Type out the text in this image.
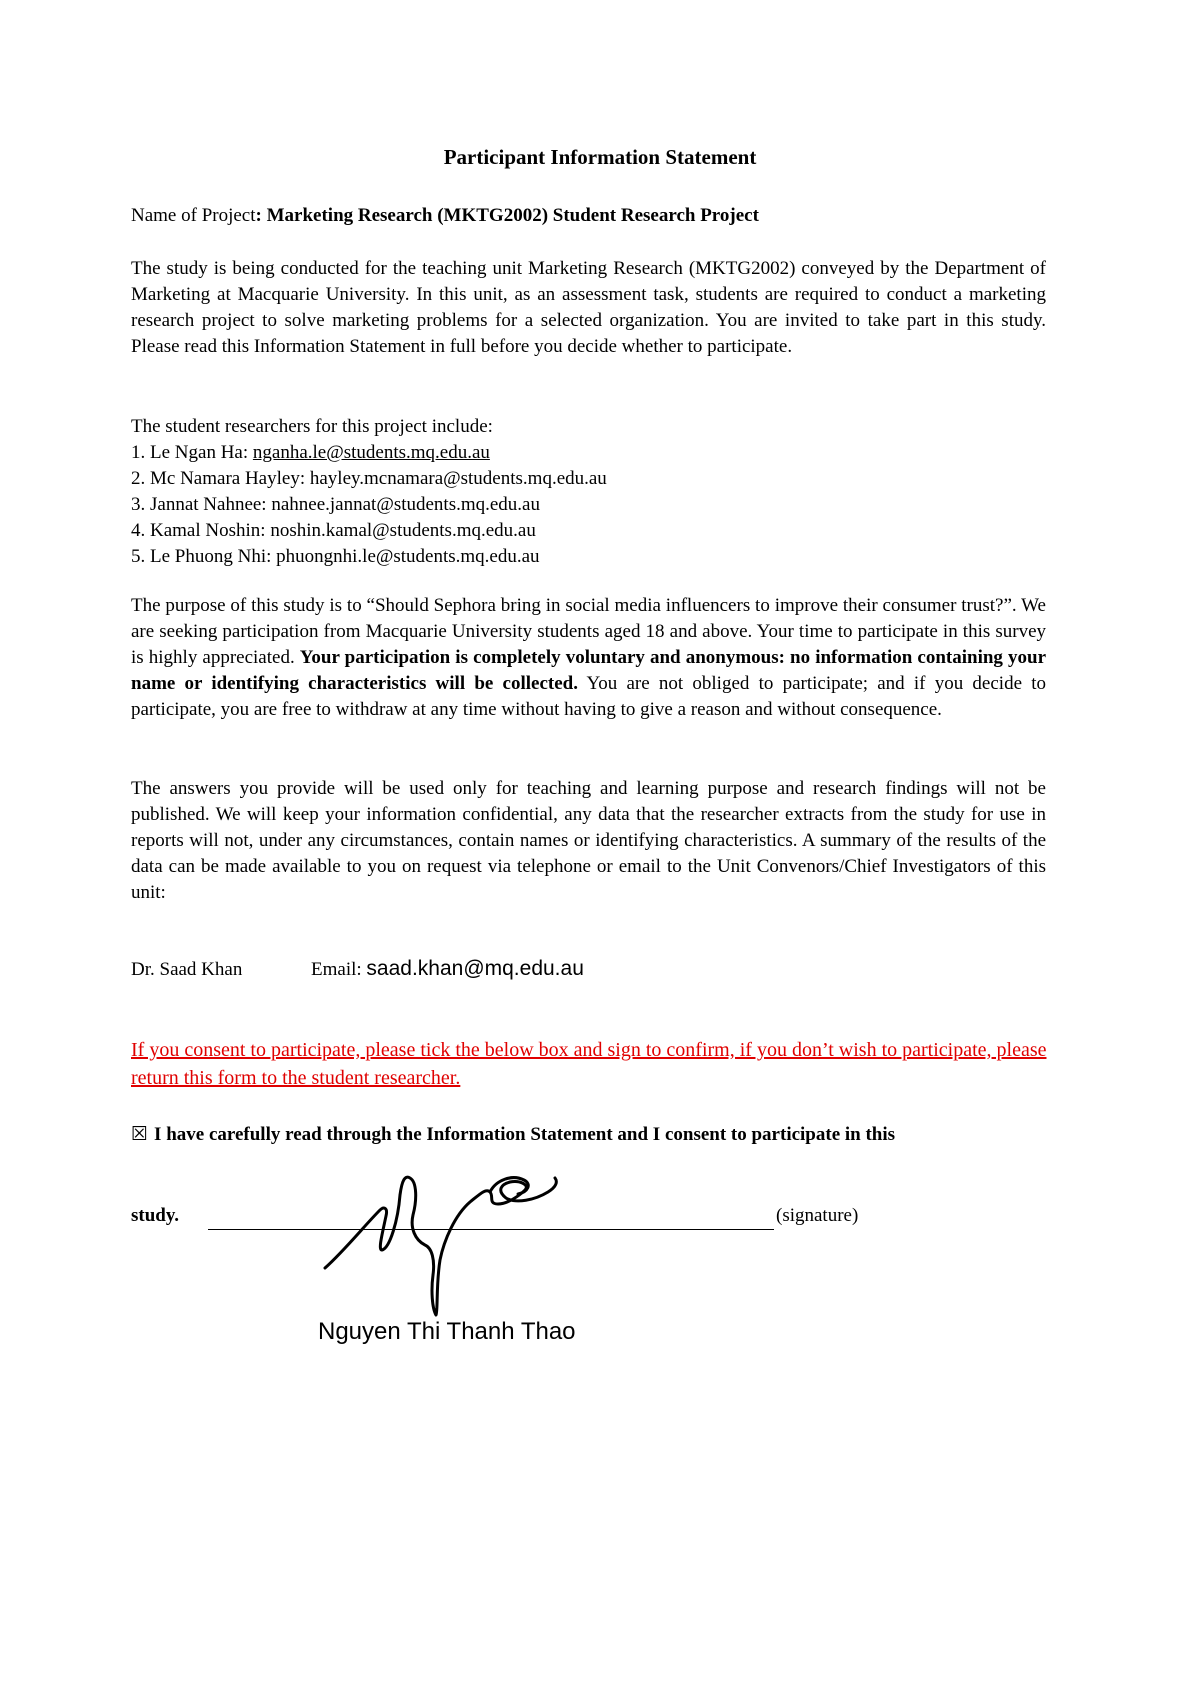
Participant Information Statement
Name of Project: Marketing Research (MKTG2002) Student Research Project
The study is being conducted for the teaching unit Marketing Research (MKTG2002) conveyed by the Department of Marketing at Macquarie University. In this unit, as an assessment task, students are required to conduct a marketing research project to solve marketing problems for a selected organization. You are invited to take part in this study. Please read this Information Statement in full before you decide whether to participate.
The student researchers for this project include:
1. Le Ngan Ha: nganha.le@students.mq.edu.au
2. Mc Namara Hayley: hayley.mcnamara@students.mq.edu.au
3. Jannat Nahnee: nahnee.jannat@students.mq.edu.au
4. Kamal Noshin: noshin.kamal@students.mq.edu.au
5. Le Phuong Nhi: phuongnhi.le@students.mq.edu.au
The purpose of this study is to “Should Sephora bring in social media influencers to improve their consumer trust?”. We are seeking participation from Macquarie University students aged 18 and above. Your time to participate in this survey is highly appreciated. Your participation is completely voluntary and anonymous: no information containing your name or identifying characteristics will be collected. You are not obliged to participate; and if you decide to participate, you are free to withdraw at any time without having to give a reason and without consequence.
The answers you provide will be used only for teaching and learning purpose and research findings will not be published. We will keep your information confidential, any data that the researcher extracts from the study for use in reports will not, under any circumstances, contain names or identifying characteristics. A summary of the results of the data can be made available to you on request via telephone or email to the Unit Convenors/Chief Investigators of this unit:
Dr. Saad Khan	Email: saad.khan@mq.edu.au
If you consent to participate, please tick the below box and sign to confirm, if you don’t wish to participate, please return this form to the student researcher.
☒ I have carefully read through the Information Statement and I consent to participate in this
study.	(signature)
Nguyen Thi Thanh Thao
